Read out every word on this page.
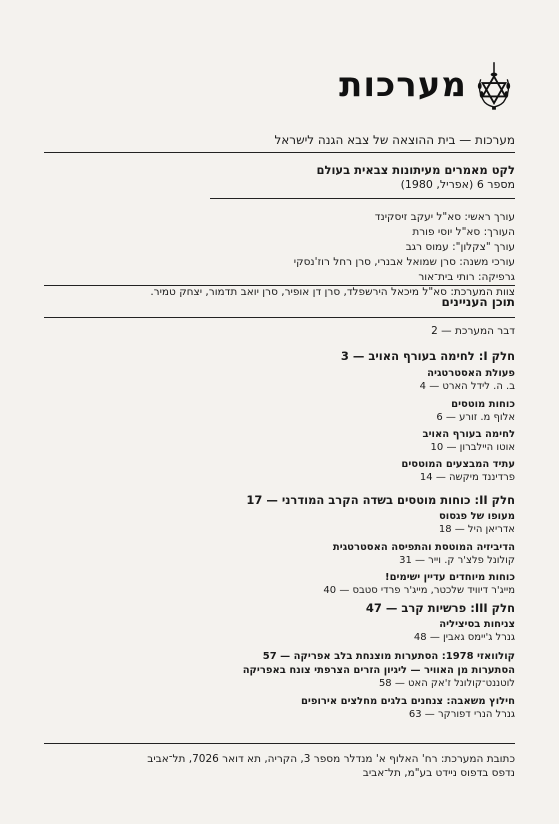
מערכות
מערכות — בית ההוצאה של צבא הגנה לישראל
לקט מאמרים מעיתונות צבאית בעולם
מספר 6 (אפריל, 1980)
עורך ראשי: סא"ל יעקב זיסקינד
העורך: סא"ל יוסי פורת
עורך "צקלון": עמוס רגב
עורכי משנה: סרן שמואל אבנרי, סרן רחל רוז'נסקי
גרפיקה: רותי בית־אור
צוות המערכת: סא"ל מיכאל הירשפלד, סרן דן אופיר, סרן יואב תדמור, יצחק טמיר.
תוכן העניינים
דבר המערכת — 2
חלק I: לחימה בעורף האויב — 3
פעולת האסטרטגיה
ב. ה. לידל הארט — 4
כוחות מוטסים
אלוף מ. זורע — 6
לחימה בעורף האויב
אוטו היילברון — 10
עתיד המבצעים המוטסים
פרדיננד מיקשה — 14
חלק II: כוחות מוטסים בשדה הקרב המודרני — 17
מעופו של פגסוס
אדריאן היל — 18
הדיביזיה המוטסת והתפיסה האסטרטגית
קולונל פלצ'ר ק. וייר — 31
כוחות מיוחדים עדיין ישימים!
מייג'ר דיוויד שלכטר, מייג'ר פרדי סטבס — 40
חלק III: פרשיות קרב — 47
צניחות בסיציליה
גנרל ג'יימס גאבין — 48
קולוואזי 1978: הסתערות מוצנחת בלב אפריקה — 57
הסתערות מן האוויר — ליגיון הזרים הצרפתי צונח באפריקה
לוטננט־קולונל ז'אק האט — 58
חילוץ משאבה: צנחנים בלגים מחלצים אירופים
גנרל הנרי דפורקר — 63
כתובת המערכת: רח' האלוף א' מנדלר מספר 3, הקריה, תא דואר 7026, תל־אביב
נדפס בדפוס ניידט בע"מ, תל־אביב
